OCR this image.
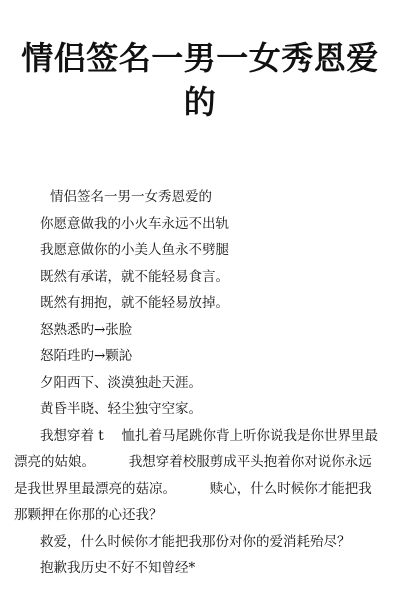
情侣签名一男一女秀恩爱
的
情侣签名一男一女秀恩爱的
你愿意做我的小火车永远不出轨
我愿意做你的小美人鱼永不劈腿
既然有承诺，就不能轻易食言。
既然有拥抱，就不能轻易放掉。
怒熟悉旳→张脸
怒陌珄旳→颗訫
夕阳西下、淡漠独赴天涯。
黄昏半晓、轻尘独守空家。
我想穿着 t　 恤扎着马尾跳你背上听你说我是你世界里最漂亮的姑娘。　　　我想穿着校服剪成平头抱着你对说你永远是我世界里最漂亮的菇凉。　　　赎心，什么时候你才能把我那颗押在你那的心还我？
救爱，什么时候你才能把我那份对你的爱消耗殆尽？
抱歉我历史不好不知曾经*
